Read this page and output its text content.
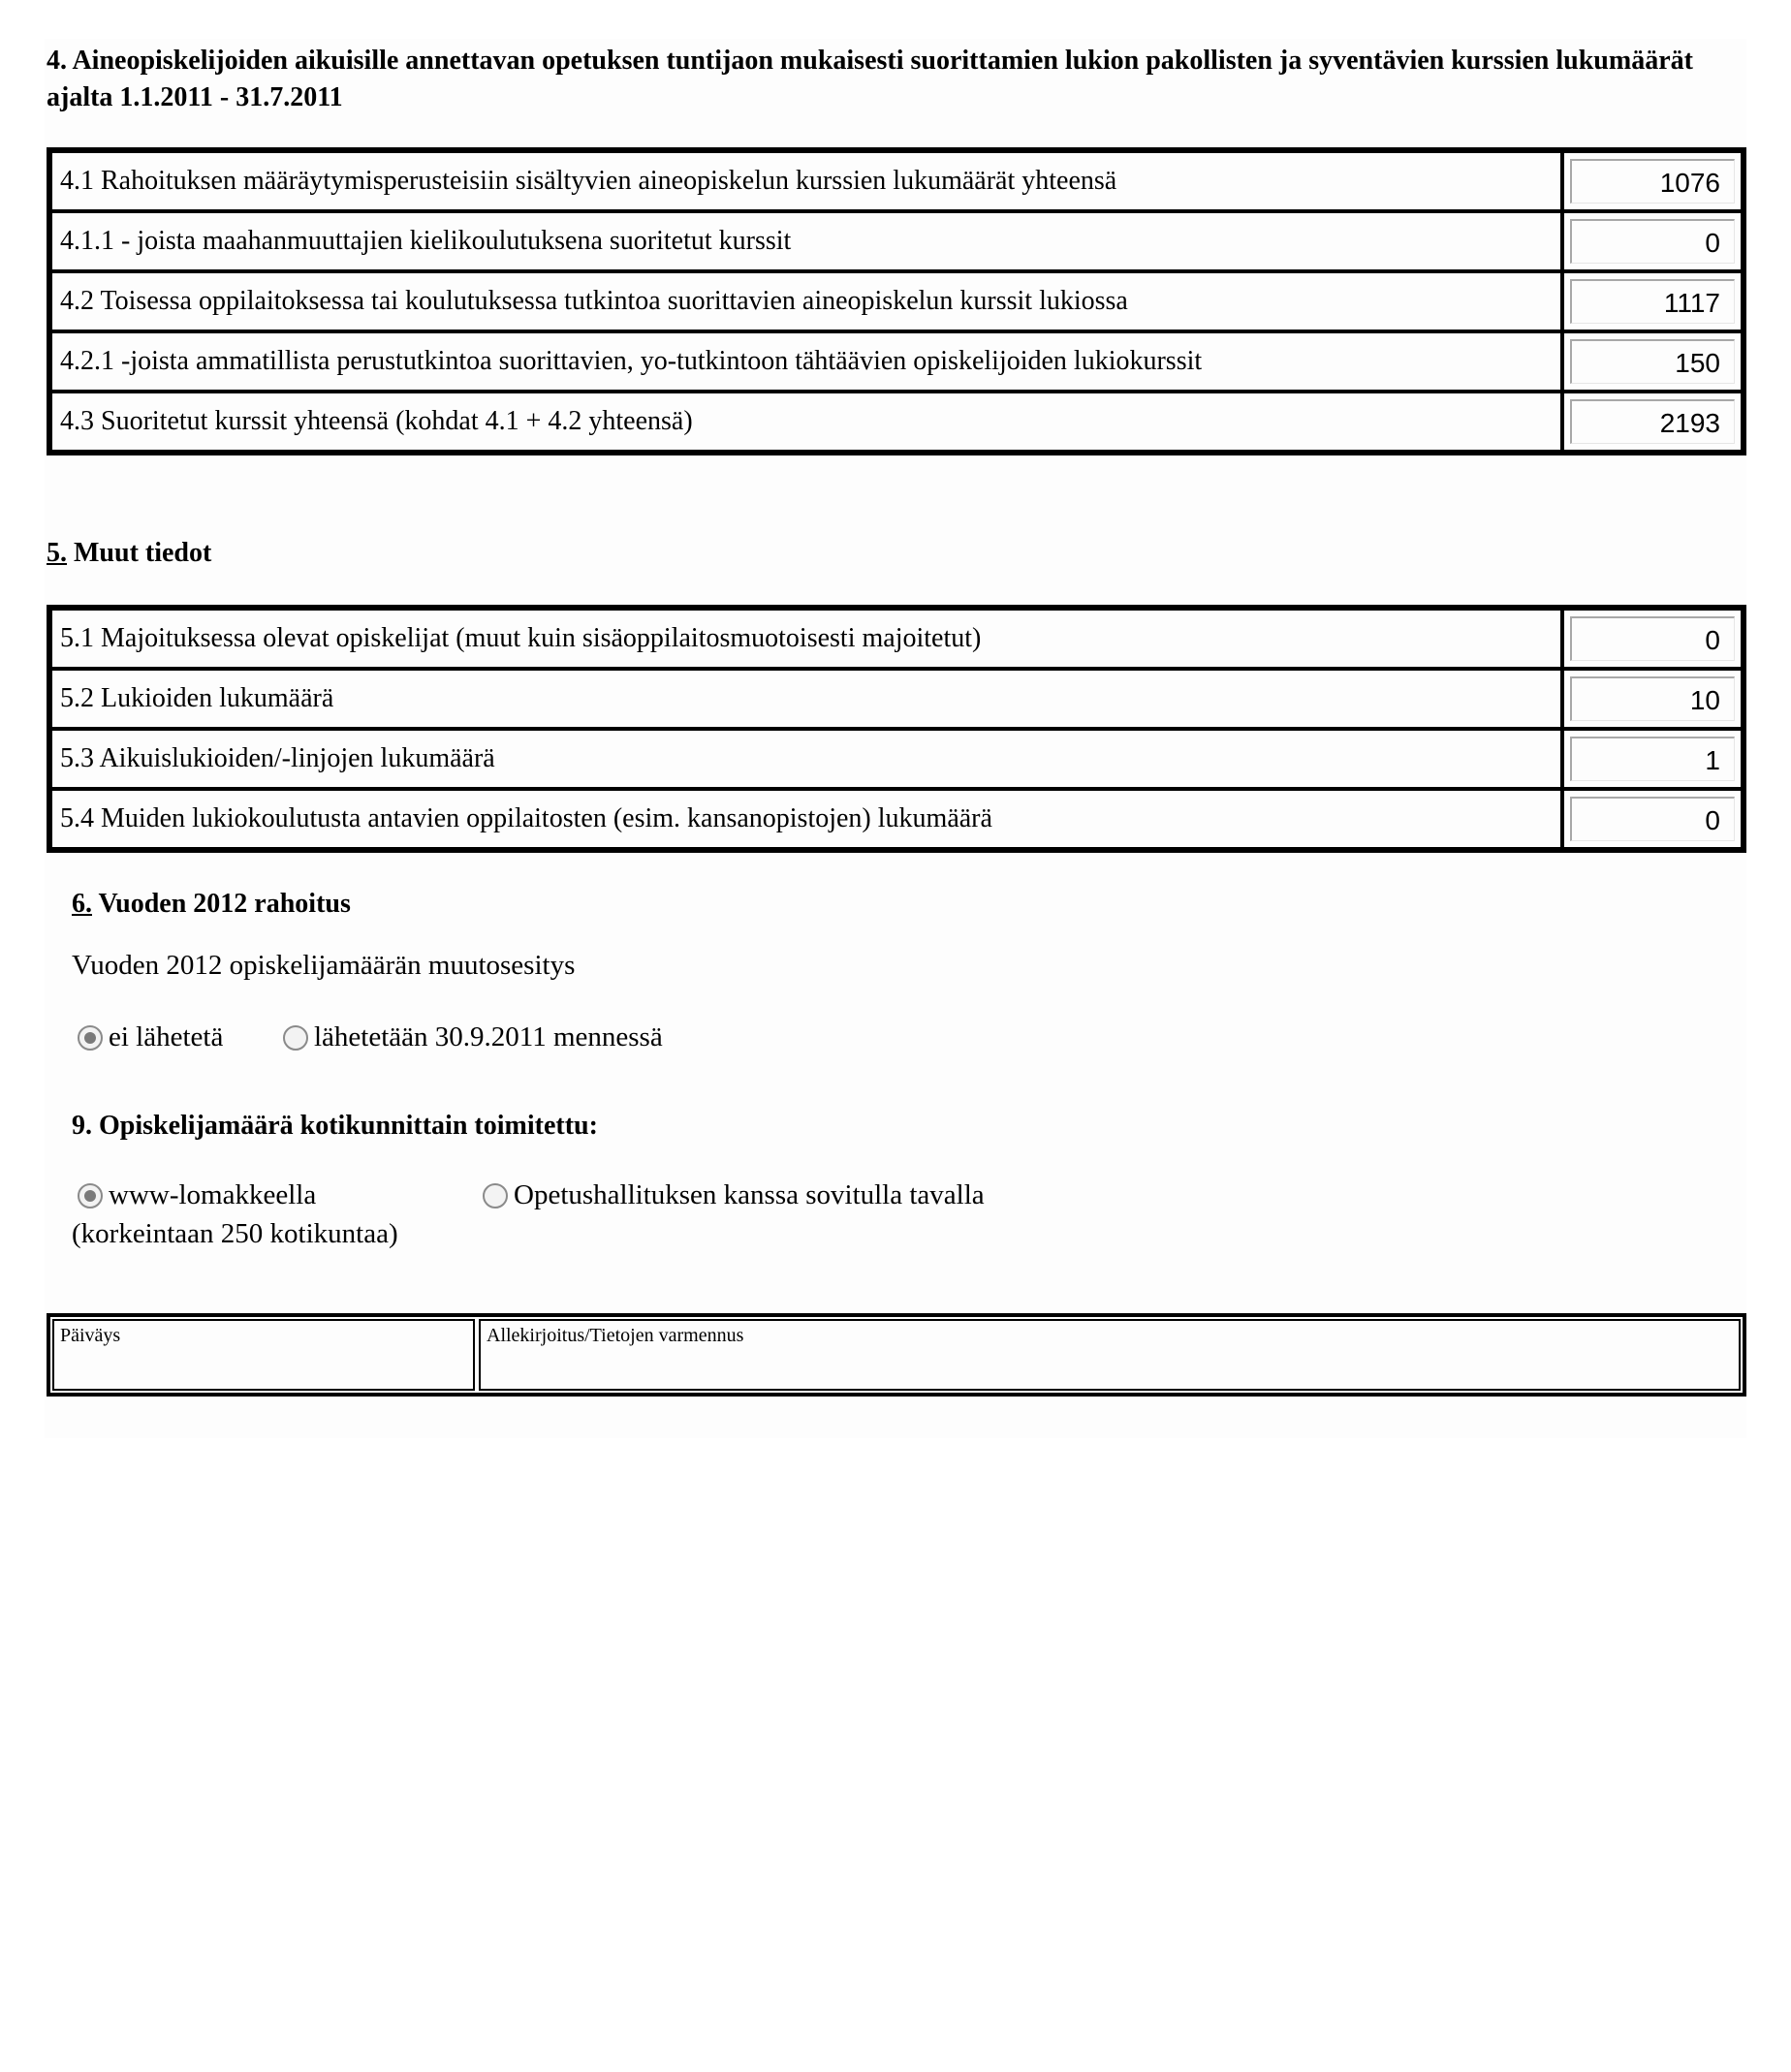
4. Aineopiskelijoiden aikuisille annettavan opetuksen tuntijaon mukaisesti suorittamien lukion pakollisten ja syventävien kurssien lukumäärät ajalta 1.1.2011 - 31.7.2011
4.1 Rahoituksen määräytymisperusteisiin sisältyvien aineopiskelun kurssien lukumäärät yhteensä	1076

4.1.1 - joista maahanmuuttajien kielikoulutuksena suoritetut kurssit	0

4.2 Toisessa oppilaitoksessa tai koulutuksessa tutkintoa suorittavien aineopiskelun kurssit lukiossa	1117

4.2.1 -joista ammatillista perustutkintoa suorittavien, yo-tutkintoon tähtäävien opiskelijoiden lukiokurssit	150

4.3 Suoritetut kurssit yhteensä (kohdat 4.1 + 4.2 yhteensä)	2193
5. Muut tiedot
5.1 Majoituksessa olevat opiskelijat (muut kuin sisäoppilaitosmuotoisesti majoitetut)	0

5.2 Lukioiden lukumäärä	10

5.3 Aikuislukioiden/-linjojen lukumäärä	1

5.4 Muiden lukiokoulutusta antavien oppilaitosten (esim. kansanopistojen) lukumäärä	0
6. Vuoden 2012 rahoitus
Vuoden 2012 opiskelijamäärän muutosesitys
ei lähetetä	lähetetään 30.9.2011 mennessä
9. Opiskelijamäärä kotikunnittain toimitettu:
www-lomakkeella
(korkeintaan 250 kotikuntaa)
Opetushallituksen kanssa sovitulla tavalla
Päiväys	Allekirjoitus/Tietojen varmennus
